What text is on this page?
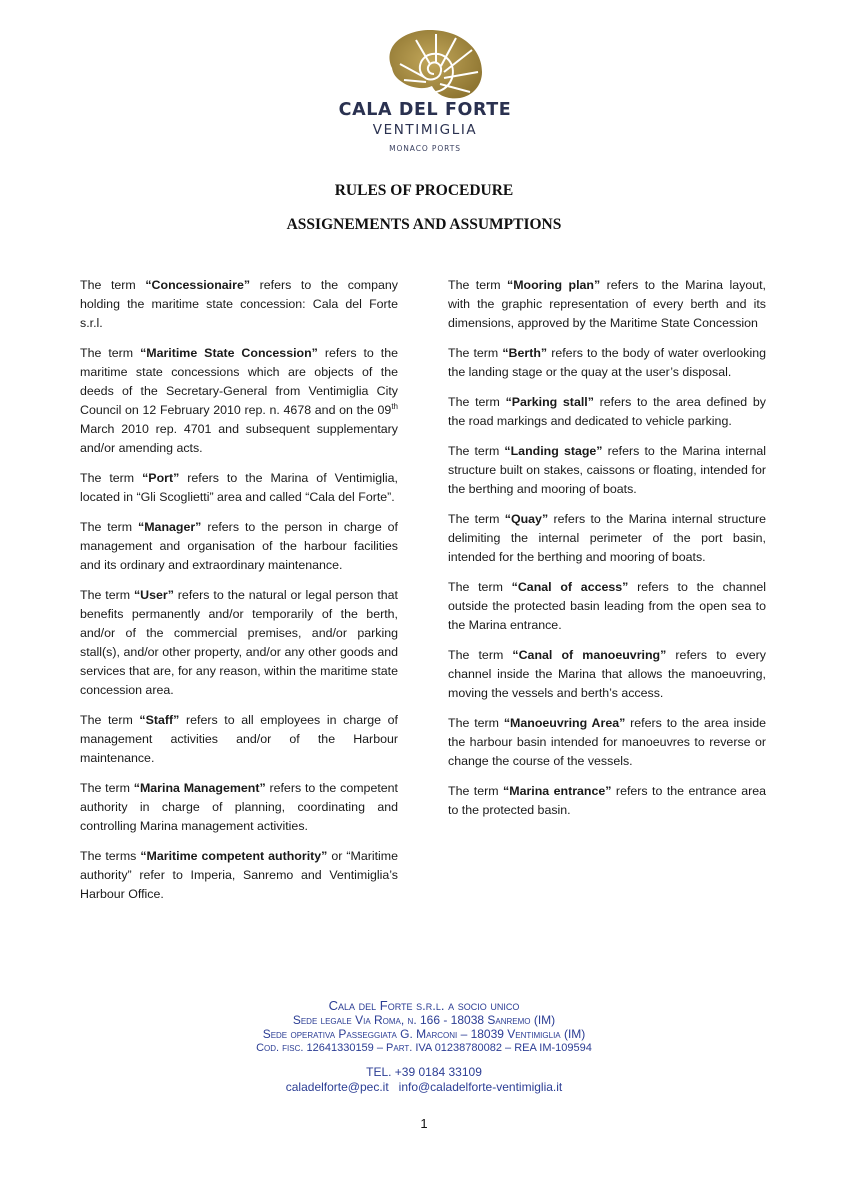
CALA DEL FORTE
VENTIMIGLIA
MONACO PORTS
RULES OF PROCEDURE
ASSIGNEMENTS AND ASSUMPTIONS

The term “Concessionaire” refers to the company holding the maritime state concession: Cala del Forte s.r.l.

The term “Maritime State Concession” refers to the maritime state concessions which are objects of the deeds of the Secretary-General from Ventimiglia City Council on 12 February 2010 rep. n. 4678 and on the 09th March 2010 rep. 4701 and subsequent supplementary and/or amending acts.

The term “Port” refers to the Marina of Ventimiglia, located in “Gli Scoglietti” area and called “Cala del Forte”.

The term “Manager” refers to the person in charge of management and organisation of the harbour facilities and its ordinary and extraordinary maintenance.

The term “User” refers to the natural or legal person that benefits permanently and/or temporarily of the berth, and/or of the commercial premises, and/or parking stall(s), and/or other property, and/or any other goods and services that are, for any reason, within the maritime state concession area.

The term “Staff” refers to all employees in charge of management activities and/or of the Harbour maintenance.

The term “Marina Management” refers to the competent authority in charge of planning, coordinating and controlling Marina management activities.

The terms “Maritime competent authority” or “Maritime authority” refer to Imperia, Sanremo and Ventimiglia’s Harbour Office.

The term “Mooring plan” refers to the Marina layout, with the graphic representation of every berth and its dimensions, approved by the Maritime State Concession

The term “Berth” refers to the body of water overlooking the landing stage or the quay at the user’s disposal.

The term “Parking stall” refers to the area defined by the road markings and dedicated to vehicle parking.

The term “Landing stage” refers to the Marina internal structure built on stakes, caissons or floating, intended for the berthing and mooring of boats.

The term “Quay” refers to the Marina internal structure delimiting the internal perimeter of the port basin, intended for the berthing and mooring of boats.

The term “Canal of access” refers to the channel outside the protected basin leading from the open sea to the Marina entrance.

The term “Canal of manoeuvring” refers to every channel inside the Marina that allows the manoeuvring, moving the vessels and berth’s access.

The term “Manoeuvring Area” refers to the area inside the harbour basin intended for manoeuvres to reverse or change the course of the vessels.

The term “Marina entrance” refers to the entrance area to the protected basin.

Cala del Forte s.r.l. a socio unico
Sede legale Via Roma, n. 166 - 18038 Sanremo (IM)
Sede operativa Passeggiata G. Marconi – 18039 Ventimiglia (IM)
Cod. fisc. 12641330159 – Part. IVA 01238780082 – REA IM-109594
TEL. +39 0184 33109
caladelforte@pec.it info@caladelforte-ventimiglia.it
1
